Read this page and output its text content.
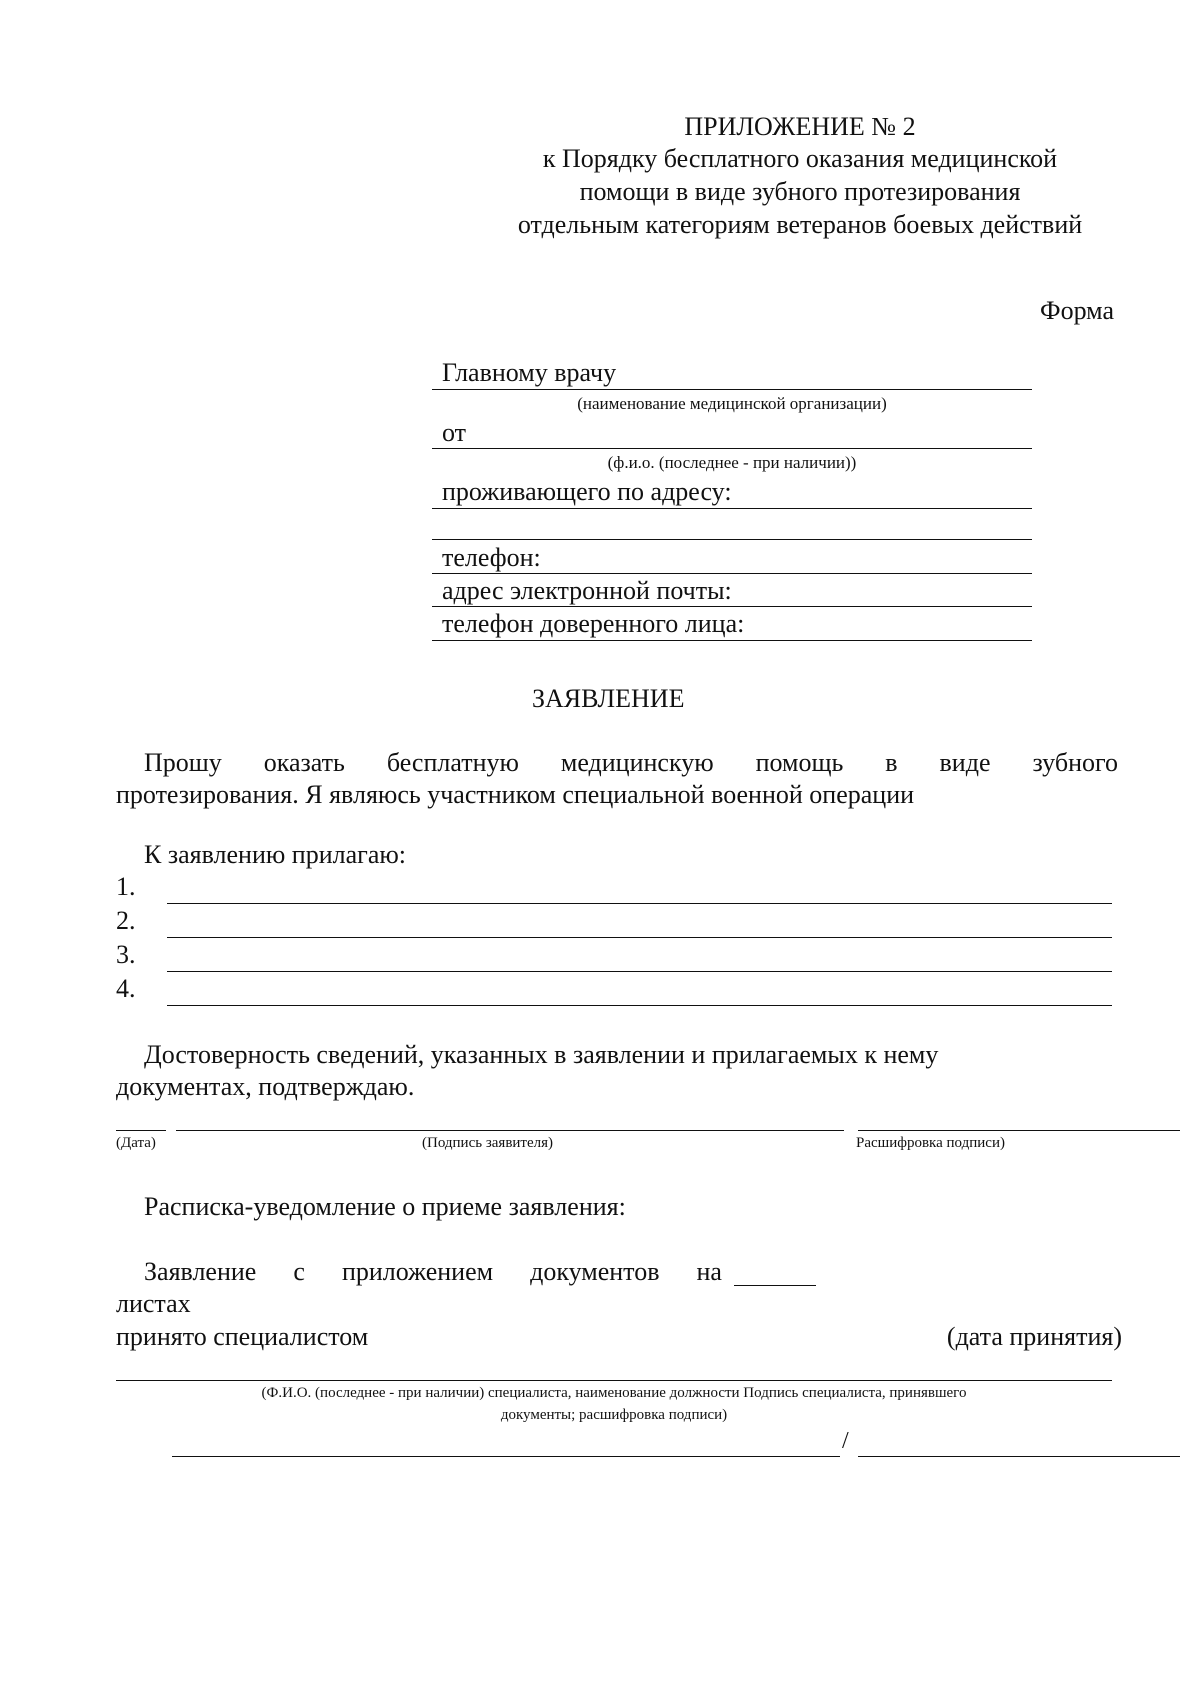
ПРИЛОЖЕНИЕ № 2
к Порядку бесплатного оказания медицинской
помощи в виде зубного протезирования
отдельным категориям ветеранов боевых действий
Форма
Главному врачу
(наименование медицинской организации)
от
(ф.и.о. (последнее - при наличии))
проживающего по адресу:
телефон:
адрес электронной почты:
телефон доверенного лица:
ЗАЯВЛЕНИЕ
Прошу оказать бесплатную медицинскую помощь в виде зубного
протезирования. Я являюсь участником специальной военной операции
К заявлению прилагаю:
1.
2.
3.
4.
Достоверность сведений, указанных в заявлении и прилагаемых к нему
документах, подтверждаю.
(Дата)	(Подпись заявителя)	Расшифровка подписи)
Расписка-уведомление о приеме заявления:
Заявление с приложением документов на
листах
принято специалистом	(дата принятия)
(Ф.И.О. (последнее - при наличии) специалиста, наименование должности Подпись специалиста, принявшего
документы; расшифровка подписи)
/
